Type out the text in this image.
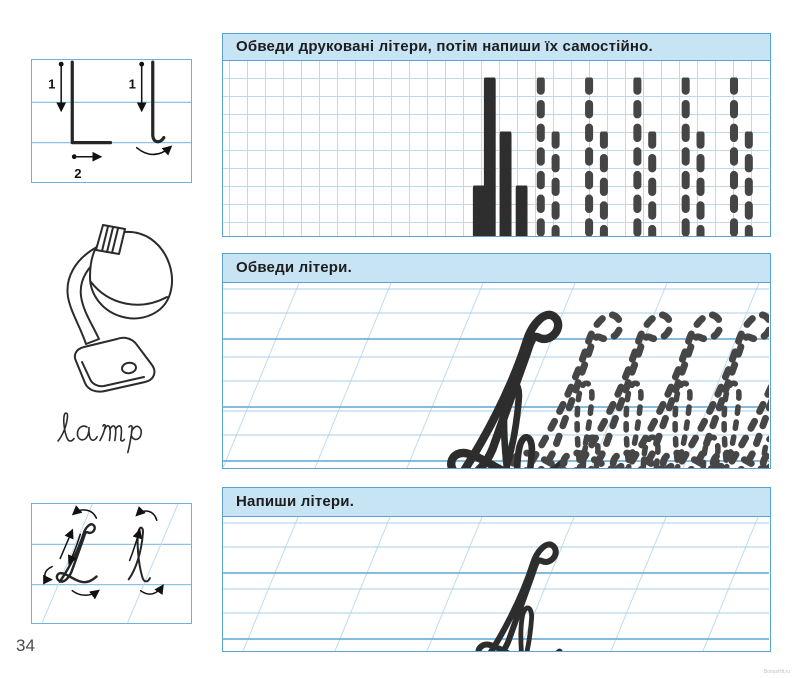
1
2
1
Обведи друковані літери, потім напиши їх самостійно.
Обведи літери.
Напиши літери.
34
BonusHit.ru
